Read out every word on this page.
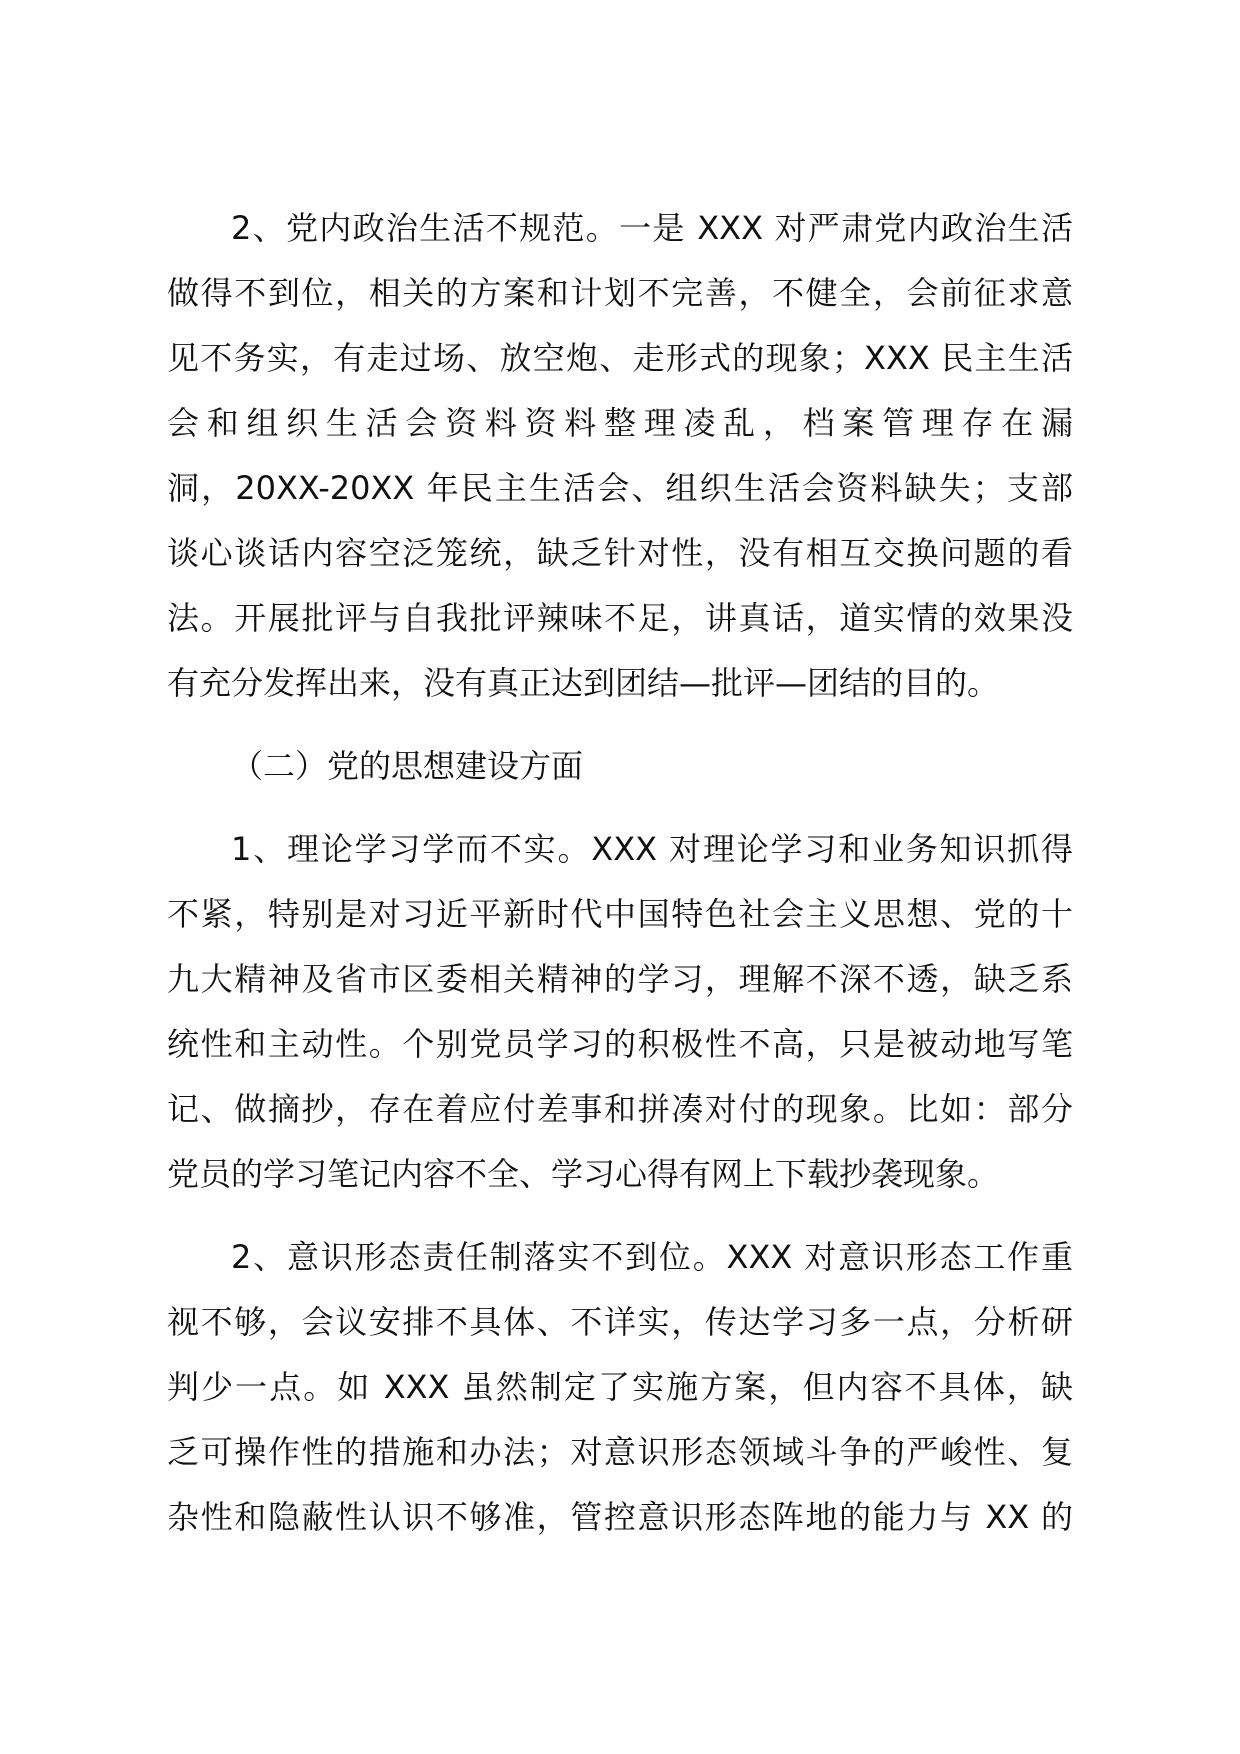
2、党内政治生活不规范。一是 XXX 对严肃党内政治生活
做得不到位，相关的方案和计划不完善，不健全，会前征求意
见不务实，有走过场、放空炮、走形式的现象；XXX 民主生活
会和组织生活会资料资料整理凌乱，档案管理存在漏
洞，20XX-20XX 年民主生活会、组织生活会资料缺失；支部
谈心谈话内容空泛笼统，缺乏针对性，没有相互交换问题的看
法。开展批评与自我批评辣味不足，讲真话，道实情的效果没
有充分发挥出来，没有真正达到团结—批评—团结的目的。
（二）党的思想建设方面
1、理论学习学而不实。XXX 对理论学习和业务知识抓得
不紧，特别是对习近平新时代中国特色社会主义思想、党的十
九大精神及省市区委相关精神的学习，理解不深不透，缺乏系
统性和主动性。个别党员学习的积极性不高，只是被动地写笔
记、做摘抄，存在着应付差事和拼凑对付的现象。比如：部分
党员的学习笔记内容不全、学习心得有网上下载抄袭现象。
2、意识形态责任制落实不到位。XXX 对意识形态工作重
视不够，会议安排不具体、不详实，传达学习多一点，分析研
判少一点。如 XXX 虽然制定了实施方案，但内容不具体，缺
乏可操作性的措施和办法；对意识形态领域斗争的严峻性、复
杂性和隐蔽性认识不够准，管控意识形态阵地的能力与 XX 的
